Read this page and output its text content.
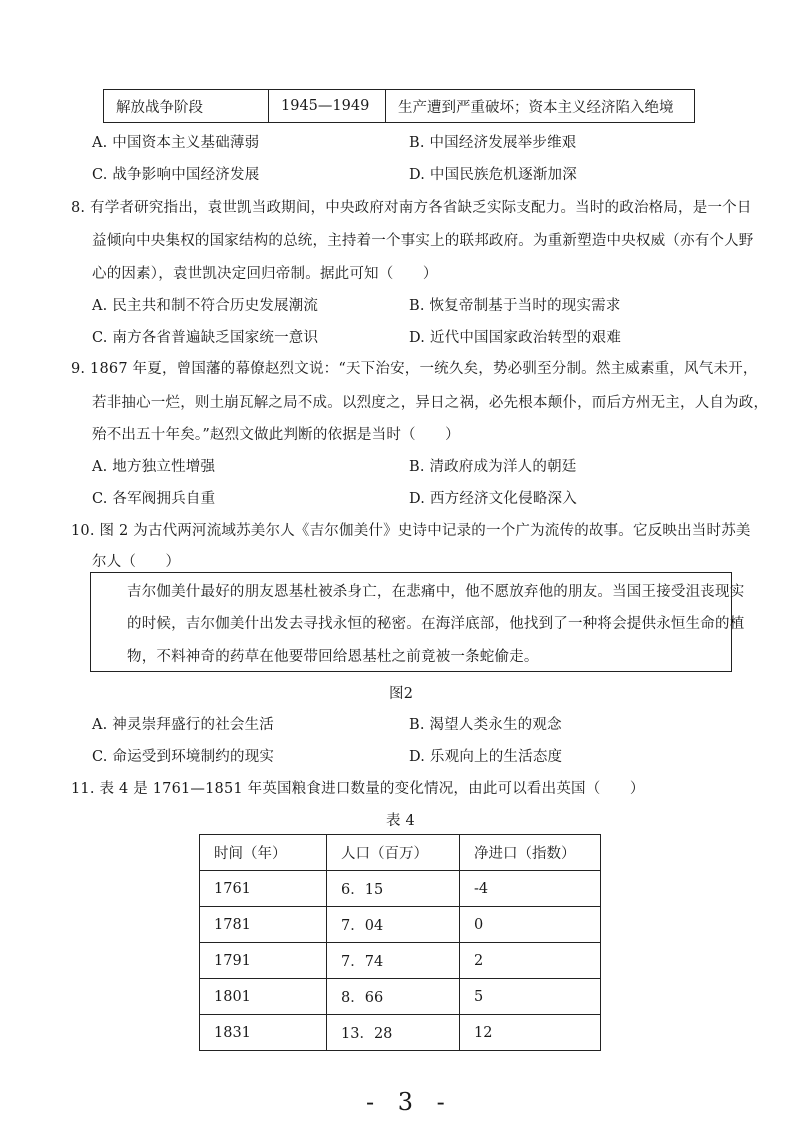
解放战争阶段	1945—1949	生产遭到严重破坏；资本主义经济陷入绝境
A. 中国资本主义基础薄弱	B. 中国经济发展举步维艰
C. 战争影响中国经济发展	D. 中国民族危机逐渐加深
8. 有学者研究指出，袁世凯当政期间，中央政府对南方各省缺乏实际支配力。当时的政治格局，是一个日
益倾向中央集权的国家结构的总统，主持着一个事实上的联邦政府。为重新塑造中央权威（亦有个人野
心的因素），袁世凯决定回归帝制。据此可知（　　）
A. 民主共和制不符合历史发展潮流	B. 恢复帝制基于当时的现实需求
C. 南方各省普遍缺乏国家统一意识	D. 近代中国国家政治转型的艰难
9. 1867 年夏，曾国藩的幕僚赵烈文说：“天下治安，一统久矣，势必驯至分制。然主威素重，风气未开，
若非抽心一烂，则土崩瓦解之局不成。以烈度之，异日之祸，必先根本颠仆，而后方州无主，人自为政，
殆不出五十年矣。”赵烈文做此判断的依据是当时（　　）
A. 地方独立性增强	B. 清政府成为洋人的朝廷
C. 各军阀拥兵自重	D. 西方经济文化侵略深入
10. 图 2 为古代两河流域苏美尔人《吉尔伽美什》史诗中记录的一个广为流传的故事。它反映出当时苏美
尔人（　　）
吉尔伽美什最好的朋友恩基杜被杀身亡，在悲痛中，他不愿放弃他的朋友。当国王接受沮丧现实
的时候，吉尔伽美什出发去寻找永恒的秘密。在海洋底部，他找到了一种将会提供永恒生命的植
物，不料神奇的药草在他要带回给恩基杜之前竟被一条蛇偷走。
图2
A. 神灵崇拜盛行的社会生活	B. 渴望人类永生的观念
C. 命运受到环境制约的现实	D. 乐观向上的生活态度
11. 表 4 是 1761—1851 年英国粮食进口数量的变化情况，由此可以看出英国（　　）
表 4
时间（年）	人口（百万）	净进口（指数）
1761	6．15	-4
1781	7．04	0
1791	7．74	2
1801	8．66	5
1831	13．28	12
- 3 -
